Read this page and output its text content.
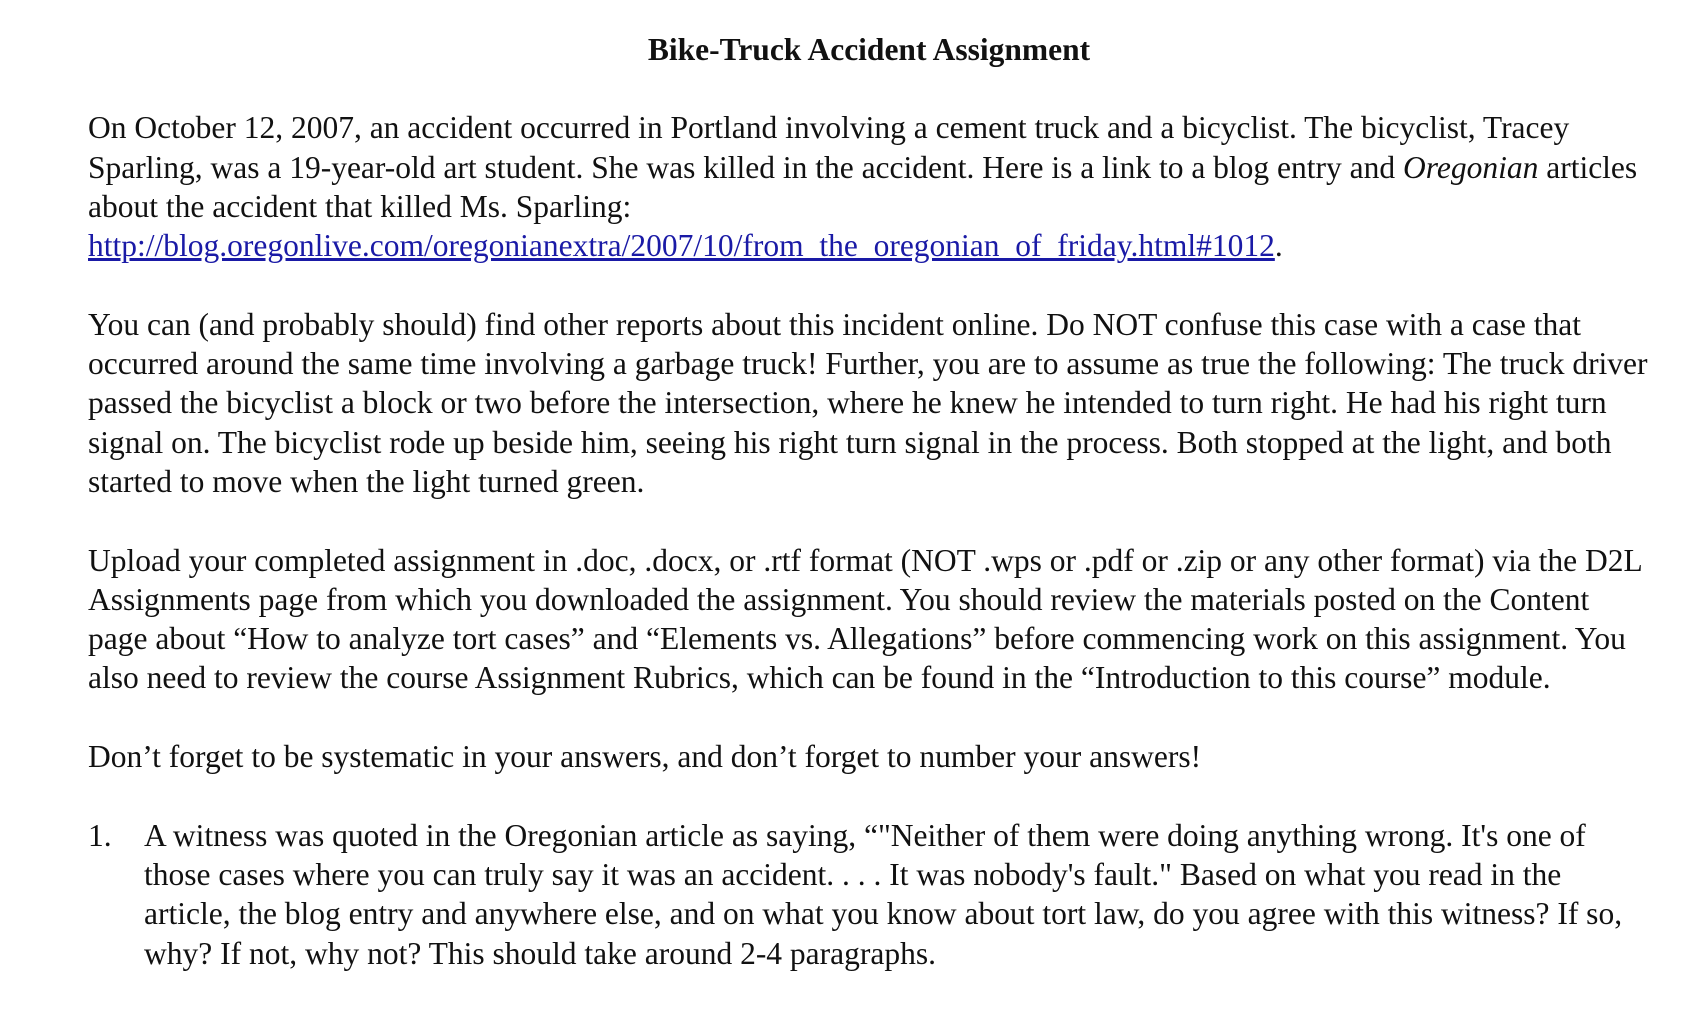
Bike-Truck Accident Assignment

On October 12, 2007, an accident occurred in Portland involving a cement truck and a bicyclist. The bicyclist, Tracey Sparling, was a 19-year-old art student. She was killed in the accident. Here is a link to a blog entry and Oregonian articles about the accident that killed Ms. Sparling: http://blog.oregonlive.com/oregonianextra/2007/10/from_the_oregonian_of_friday.html#1012.

You can (and probably should) find other reports about this incident online. Do NOT confuse this case with a case that occurred around the same time involving a garbage truck! Further, you are to assume as true the following: The truck driver passed the bicyclist a block or two before the intersection, where he knew he intended to turn right. He had his right turn signal on. The bicyclist rode up beside him, seeing his right turn signal in the process. Both stopped at the light, and both started to move when the light turned green.

Upload your completed assignment in .doc, .docx, or .rtf format (NOT .wps or .pdf or .zip or any other format) via the D2L Assignments page from which you downloaded the assignment. You should review the materials posted on the Content page about “How to analyze tort cases” and “Elements vs. Allegations” before commencing work on this assignment. You also need to review the course Assignment Rubrics, which can be found in the “Introduction to this course” module.

Don’t forget to be systematic in your answers, and don’t forget to number your answers!

1. A witness was quoted in the Oregonian article as saying, “"Neither of them were doing anything wrong. It's one of those cases where you can truly say it was an accident. . . . It was nobody's fault." Based on what you read in the article, the blog entry and anywhere else, and on what you know about tort law, do you agree with this witness? If so, why? If not, why not? This should take around 2-4 paragraphs.
